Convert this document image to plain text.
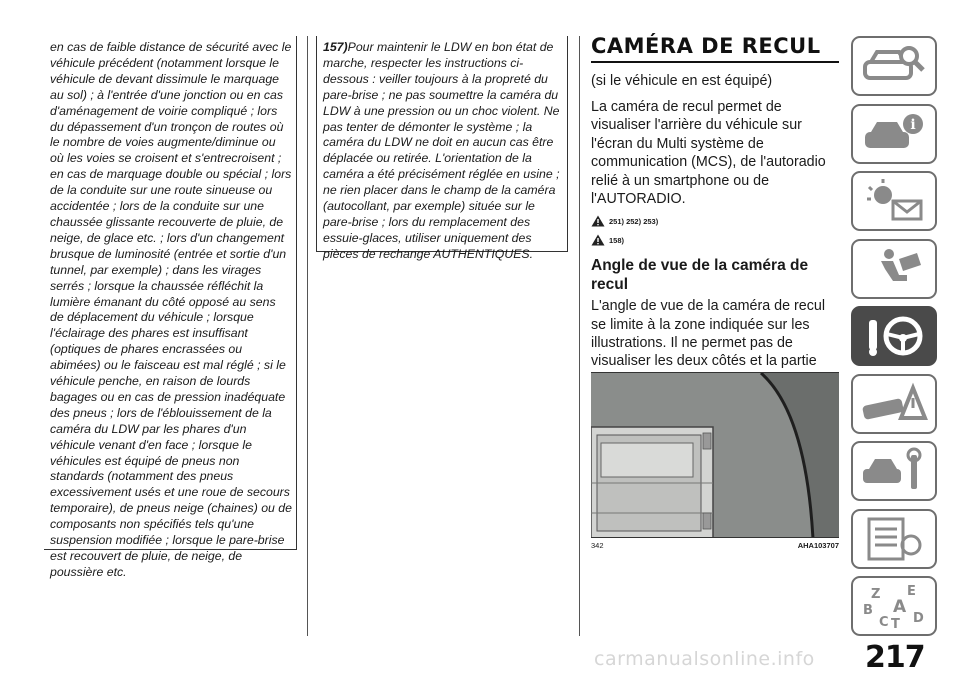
en cas de faible distance de sécurité avec le véhicule précédent (notamment lorsque le véhicule de devant dissimule le marquage au sol) ; à l'entrée d'une jonction ou en cas d'aménagement de voirie compliqué ; lors du dépassement d'un tronçon de routes où le nombre de voies augmente/diminue ou où les voies se croisent et s'entrecroisent ; en cas de marquage double ou spécial ; lors de la conduite sur une route sinueuse ou accidentée ; lors de la conduite sur une chaussée glissante recouverte de pluie, de neige, de glace etc. ; lors d'un changement brusque de luminosité (entrée et sortie d'un tunnel, par exemple) ; dans les virages serrés ; lorsque la chaussée réfléchit la lumière émanant du côté opposé au sens de déplacement du véhicule ; lorsque l'éclairage des phares est insuffisant (optiques de phares encrassées ou abimées) ou le faisceau est mal réglé ; si le véhicule penche, en raison de lourds bagages ou en cas de pression inadéquate des pneus ; lors de l'éblouissement de la caméra du LDW par les phares d'un véhicule venant d'en face ; lorsque le véhicules est équipé de pneus non standards (notamment des pneus excessivement usés et une roue de secours temporaire), de pneus neige (chaines) ou de composants non spécifiés tels qu'une suspension modifiée ; lorsque le pare-brise est recouvert de pluie, de neige, de poussière etc.

157)Pour maintenir le LDW en bon état de marche, respecter les instructions ci-dessous : veiller toujours à la propreté du pare-brise ; ne pas soumettre la caméra du LDW à une pression ou un choc violent. Ne pas tenter de démonter le système ; la caméra du LDW ne doit en aucun cas être déplacée ou retirée. L'orientation de la caméra a été précisément réglée en usine ; ne rien placer dans le champ de la caméra (autocollant, par exemple) située sur le pare-brise ; lors du remplacement des essuie-glaces, utiliser uniquement des pièces de rechange AUTHENTIQUES.

CAMÉRA DE RECUL
(si le véhicule en est équipé)
La caméra de recul permet de visualiser l'arrière du véhicule sur l'écran du Multi système de communication (MCS), de l'autoradio relié à un smartphone ou de l'AUTORADIO.
251) 252) 253)
158)
Angle de vue de la caméra de recul
L'angle de vue de la caméra de recul se limite à la zone indiquée sur les illustrations. Il ne permet pas de visualiser les deux côtés et la partie
342	AHA103707
i
Z E
B A
C T D
carmanualsonline.info 217
